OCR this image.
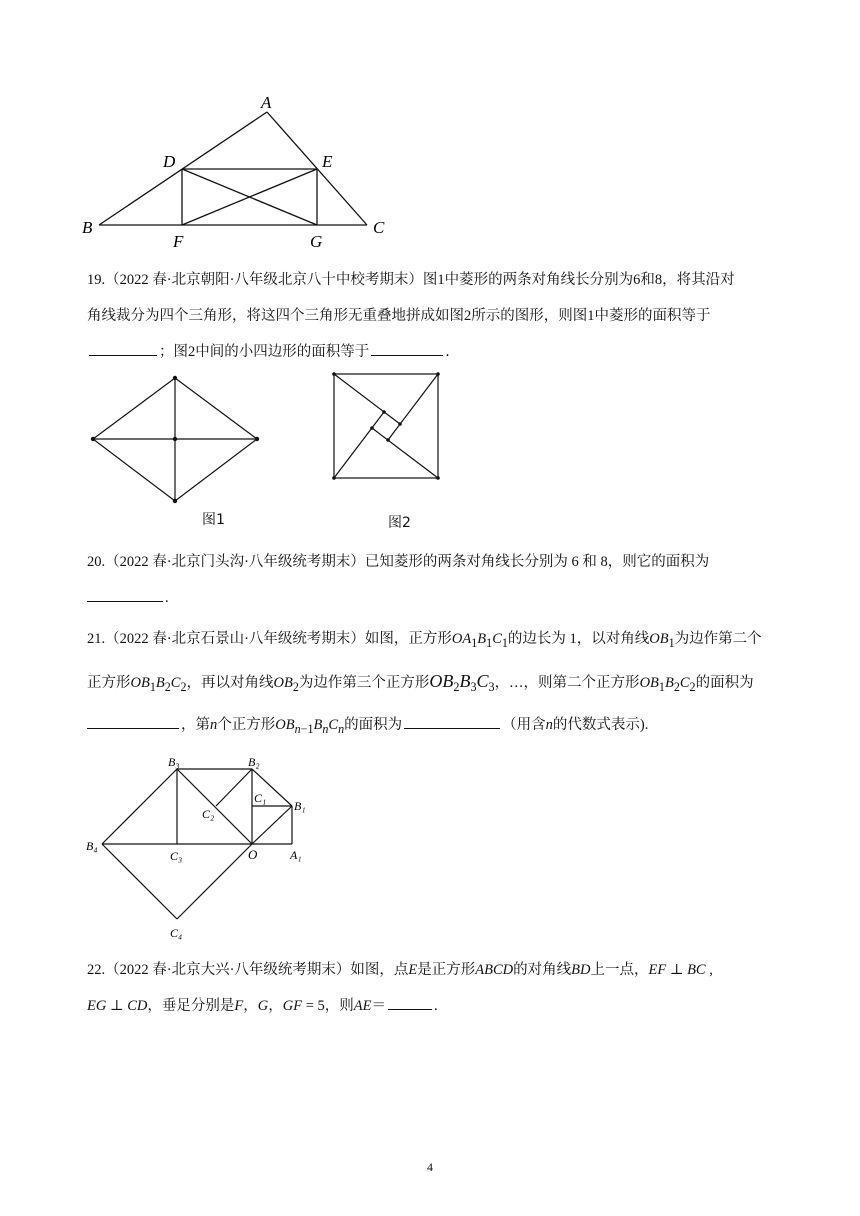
A
D	E
B
F	G
C
19.（2022 春·北京朝阳·八年级北京八十中校考期末）图1中菱形的两条对角线长分别为6和8，将其沿对
角线裁分为四个三角形，将这四个三角形无重叠地拼成如图2所示的图形，则图1中菱形的面积等于
；图2中间的小四边形的面积等于	．
图1	图2
20.（2022 春·北京门头沟·八年级统考期末）已知菱形的两条对角线长分别为 6 和 8，则它的面积为
.
21.（2022 春·北京石景山·八年级统考期末）如图，正方形$OA_1B_1C_1$的边长为 1，以对角线$OB_1$为边作第二个
正方形$OB_1B_2C_2$，再以对角线$OB_2$为边作第三个正方形$OB_2B_3C_3$，…，则第二个正方形$OB_1B_2C_2$的面积为
，第n个正方形$OB_{n-1}B_nC_n$的面积为	（用含n的代数式表示).
B₃	B₂
C₁
B₁
C₂
B₄
C₃	O	A₁
C₄
22.（2022 春·北京大兴·八年级统考期末）如图，点E是正方形ABCD的对角线BD上一点，EF ⊥ BC ,
EG ⊥ CD，垂足分别是F，G，GF = 5，则AE＝	.
4
